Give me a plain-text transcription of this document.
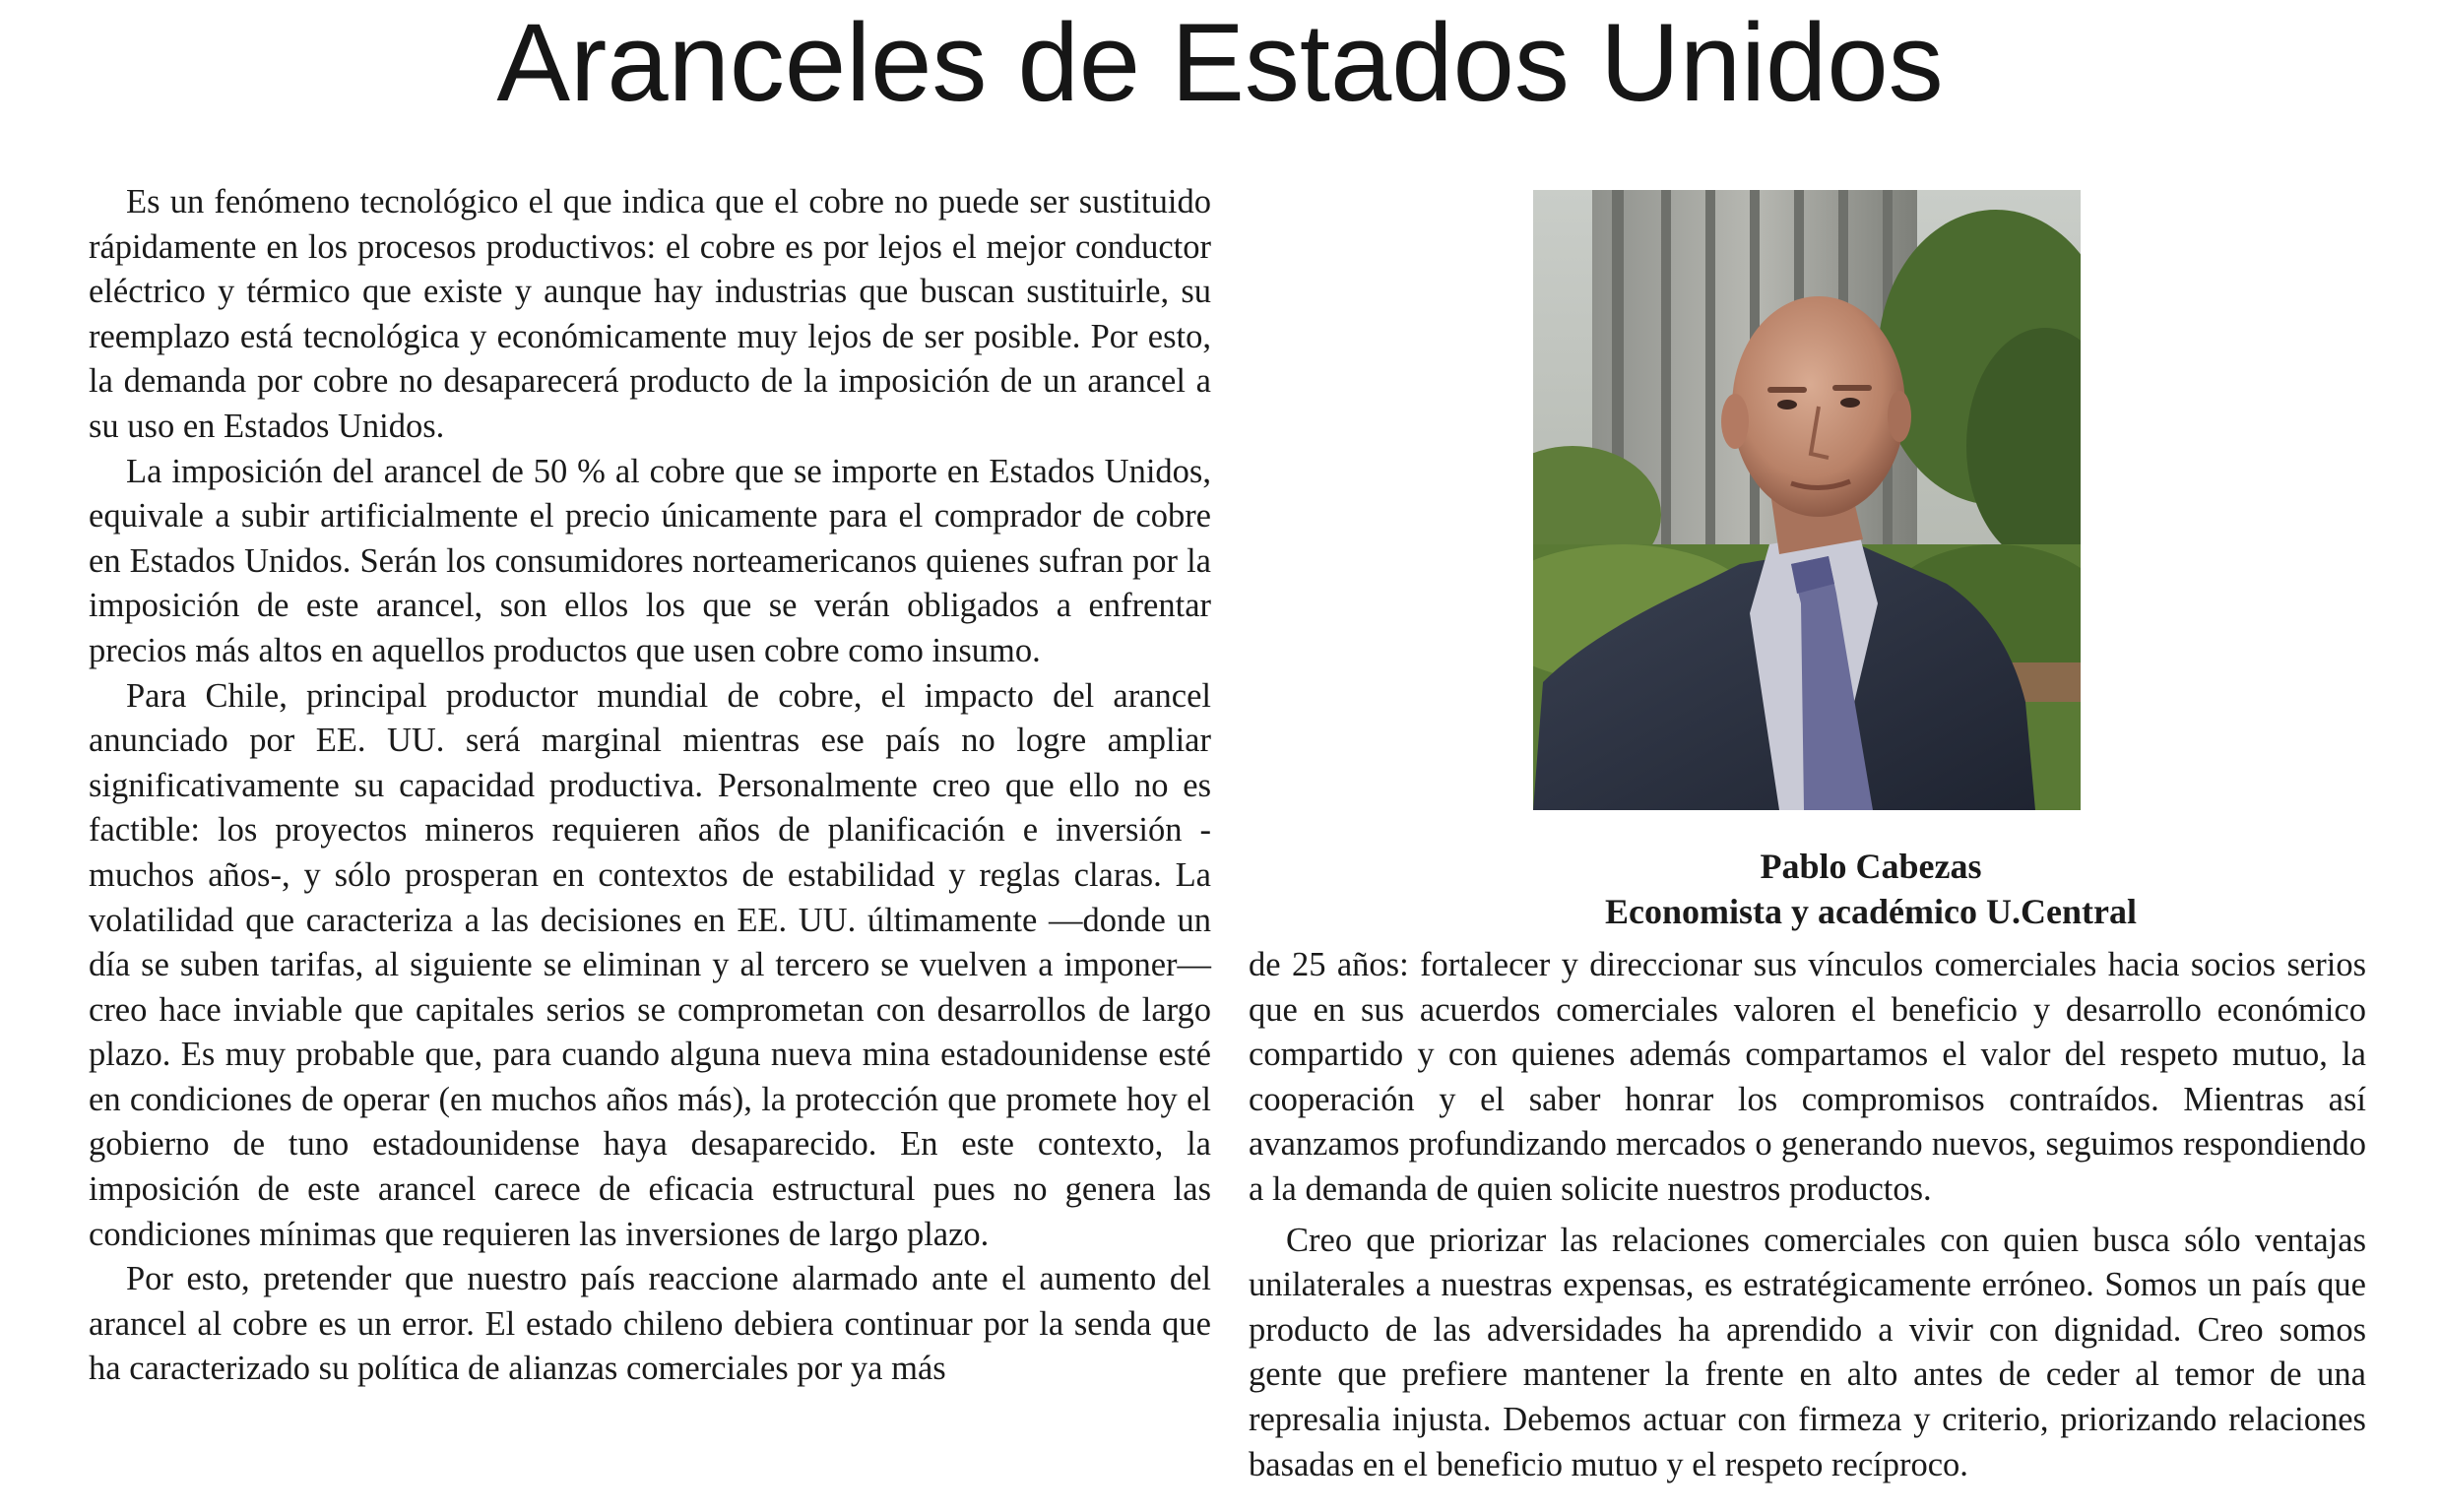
Aranceles de Estados Unidos

Es un fenómeno tecnológico el que indica que el cobre no puede ser sustituido rápidamente en los procesos productivos: el cobre es por lejos el mejor conductor eléctrico y térmico que existe y aunque hay industrias que buscan sustituirle, su reemplazo está tecnológica y económicamente muy lejos de ser posible. Por esto, la demanda por cobre no desaparecerá producto de la imposición de un arancel a su uso en Estados Unidos.

La imposición del arancel de 50 % al cobre que se importe en Estados Unidos, equivale a subir artificialmente el precio únicamente para el comprador de cobre en Estados Unidos. Serán los consumidores norteamericanos quienes sufran por la imposición de este arancel, son ellos los que se verán obligados a enfrentar precios más altos en aquellos productos que usen cobre como insumo.

Para Chile, principal productor mundial de cobre, el impacto del arancel anunciado por EE. UU. será marginal mientras ese país no logre ampliar significativamente su capacidad productiva. Personalmente creo que ello no es factible: los proyectos mineros requieren años de planificación e inversión -muchos años-, y sólo prosperan en contextos de estabilidad y reglas claras. La volatilidad que caracteriza a las decisiones en EE. UU. últimamente —donde un día se suben tarifas, al siguiente se eliminan y al tercero se vuelven a imponer—creo hace inviable que capitales serios se comprometan con desarrollos de largo plazo. Es muy probable que, para cuando alguna nueva mina estadounidense esté en condiciones de operar (en muchos años más), la protección que promete hoy el gobierno de tuno estadounidense haya desaparecido. En este contexto, la imposición de este arancel carece de eficacia estructural pues no genera las condiciones mínimas que requieren las inversiones de largo plazo.

Por esto, pretender que nuestro país reaccione alarmado ante el aumento del arancel al cobre es un error. El estado chileno debiera continuar por la senda que ha caracterizado su política de alianzas comerciales por ya más

Pablo Cabezas
Economista y académico U.Central

de 25 años: fortalecer y direccionar sus vínculos comerciales hacia socios serios que en sus acuerdos comerciales valoren el beneficio y desarrollo económico compartido y con quienes además compartamos el valor del respeto mutuo, la cooperación y el saber honrar los compromisos contraídos. Mientras así avanzamos profundizando mercados o generando nuevos, seguimos respondiendo a la demanda de quien solicite nuestros productos.

Creo que priorizar las relaciones comerciales con quien busca sólo ventajas unilaterales a nuestras expensas, es estratégicamente erróneo. Somos un país que producto de las adversidades ha aprendido a vivir con dignidad. Creo somos gente que prefiere mantener la frente en alto antes de ceder al temor de una represalia injusta. Debemos actuar con firmeza y criterio, priorizando relaciones basadas en el beneficio mutuo y el respeto recíproco.
